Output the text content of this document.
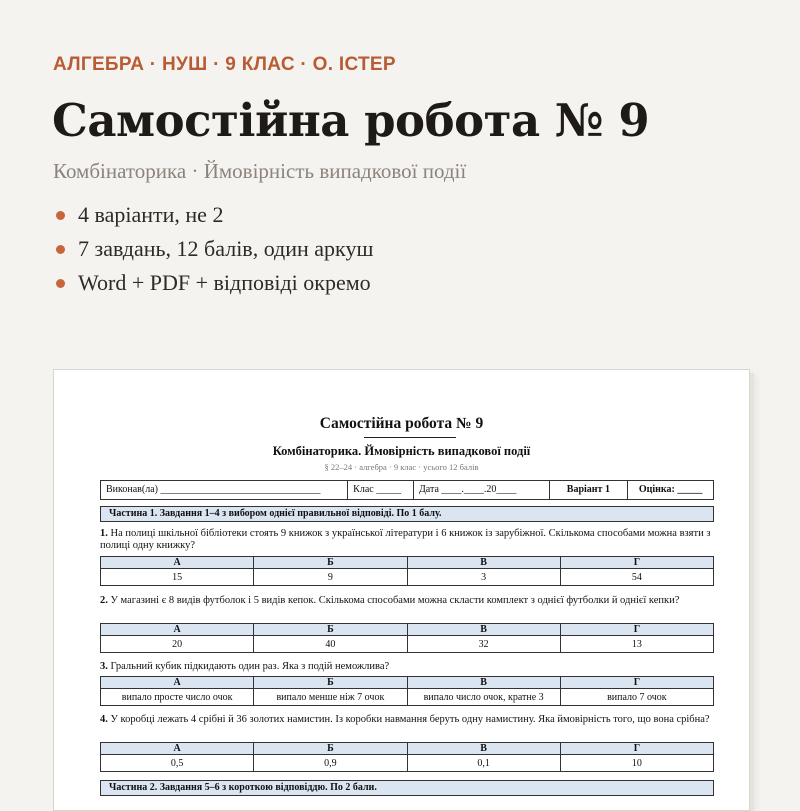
АЛГЕБРА · НУШ · 9 КЛАС · О. ІСТЕР
Самостійна робота № 9
Комбінаторика · Ймовірність випадкової події
4 варіанти, не 2
7 завдань, 12 балів, один аркуш
Word + PDF + відповіді окремо
Самостійна робота № 9
Комбінаторика. Ймовірність випадкової події
§ 22–24 · алгебра · 9 клас · усього 12 балів
Виконав(ла) ________________________________	Клас _____	Дата ____.____.20____	Варіант 1	Оцінка: _____
Частина 1. Завдання 1–4 з вибором однієї правильної відповіді. По 1 балу.
1. На полиці шкільної бібліотеки стоять 9 книжок з української літератури і 6 книжок із зарубіжної. Скількома способами можна взяти з полиці одну книжку?
А	Б	В	Г
15	9	3	54
2. У магазині є 8 видів футболок і 5 видів кепок. Скількома способами можна скласти комплект з однієї футболки й однієї кепки?
А	Б	В	Г
20	40	32	13
3. Гральний кубик підкидають один раз. Яка з подій неможлива?
А	Б	В	Г
випало просте число очок	випало менше ніж 7 очок	випало число очок, кратне 3	випало 7 очок
4. У коробці лежать 4 срібні й 36 золотих намистин. Із коробки навмання беруть одну намистину. Яка ймовірність того, що вона срібна?
А	Б	В	Г
0,5	0,9	0,1	10
Частина 2. Завдання 5–6 з короткою відповіддю. По 2 бали.
